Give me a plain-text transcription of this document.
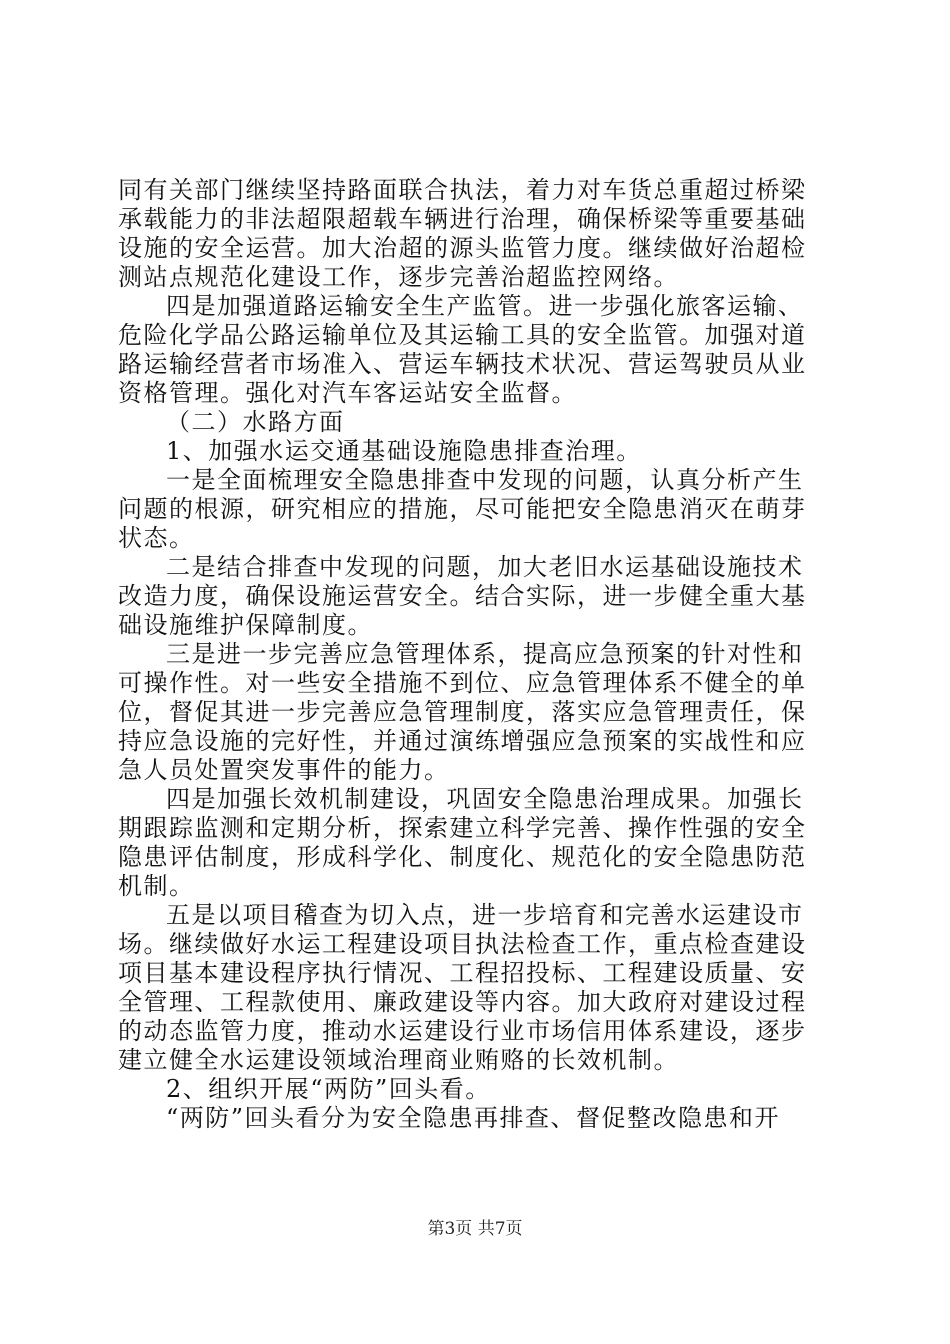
同有关部门继续坚持路面联合执法，着力对车货总重超过桥梁
承载能力的非法超限超载车辆进行治理，确保桥梁等重要基础
设施的安全运营。加大治超的源头监管力度。继续做好治超检
测站点规范化建设工作，逐步完善治超监控网络。
四是加强道路运输安全生产监管。进一步强化旅客运输、
危险化学品公路运输单位及其运输工具的安全监管。加强对道
路运输经营者市场准入、营运车辆技术状况、营运驾驶员从业
资格管理。强化对汽车客运站安全监督。
（二）水路方面
1、加强水运交通基础设施隐患排查治理。
一是全面梳理安全隐患排查中发现的问题，认真分析产生
问题的根源，研究相应的措施，尽可能把安全隐患消灭在萌芽
状态。
二是结合排查中发现的问题，加大老旧水运基础设施技术
改造力度，确保设施运营安全。结合实际，进一步健全重大基
础设施维护保障制度。
三是进一步完善应急管理体系，提高应急预案的针对性和
可操作性。对一些安全措施不到位、应急管理体系不健全的单
位，督促其进一步完善应急管理制度，落实应急管理责任，保
持应急设施的完好性，并通过演练增强应急预案的实战性和应
急人员处置突发事件的能力。
四是加强长效机制建设，巩固安全隐患治理成果。加强长
期跟踪监测和定期分析，探索建立科学完善、操作性强的安全
隐患评估制度，形成科学化、制度化、规范化的安全隐患防范
机制。
五是以项目稽查为切入点，进一步培育和完善水运建设市
场。继续做好水运工程建设项目执法检查工作，重点检查建设
项目基本建设程序执行情况、工程招投标、工程建设质量、安
全管理、工程款使用、廉政建设等内容。加大政府对建设过程
的动态监管力度，推动水运建设行业市场信用体系建设，逐步
建立健全水运建设领域治理商业贿赂的长效机制。
2、组织开展“两防”回头看。
“两防”回头看分为安全隐患再排查、督促整改隐患和开
第3页 共7页
